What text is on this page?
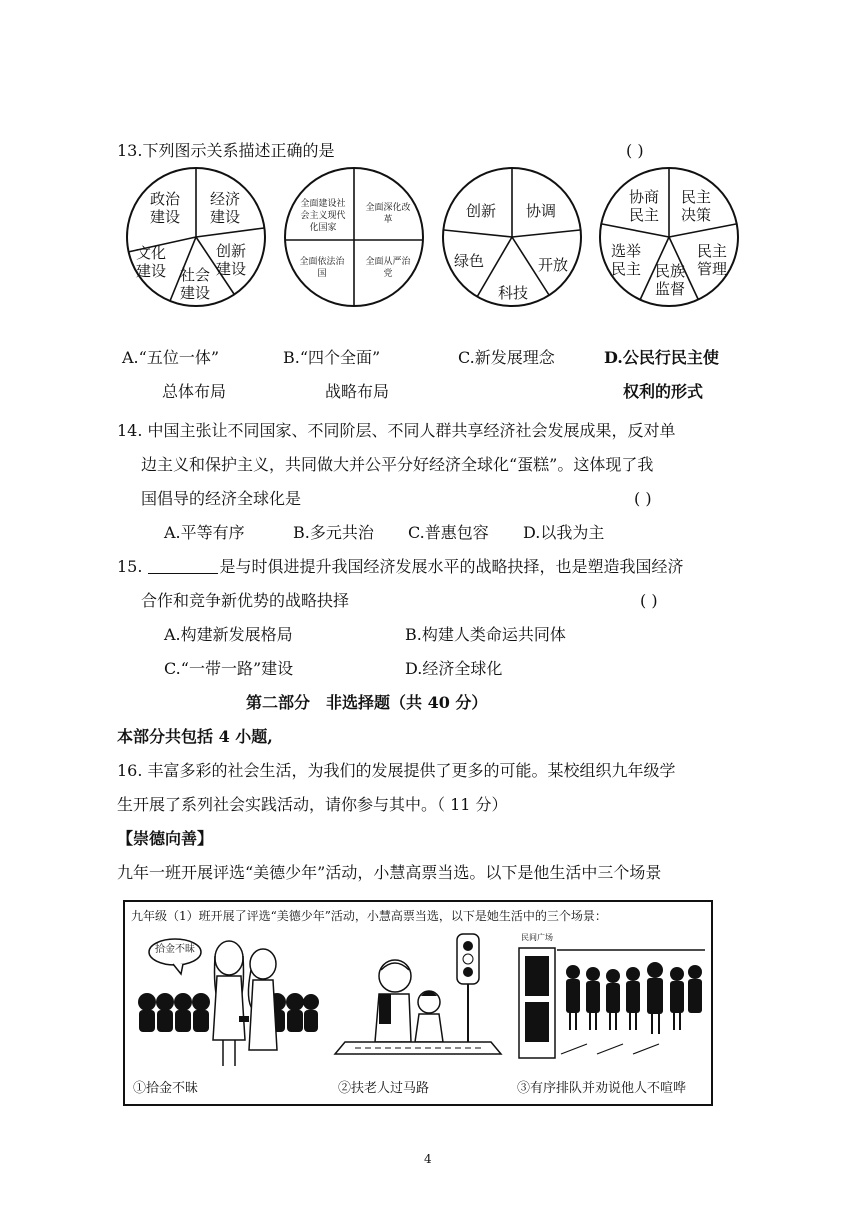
13.下列图示关系描述正确的是	( )
政治建设
经济建设
创新建设
社会建设
文化建设
全面建设社会主义现代化国家
全面深化改革
全面从严治党
全面依法治国
创新	协调
开放
科技
绿色
协商民主
民主决策
民主管理
民族监督
选举民主
A.“五位一体”
总体布局
B.“四个全面”
战略布局
C.新发展理念	D.公民行民主使
权利的形式
14. 中国主张让不同国家、不同阶层、不同人群共享经济社会发展成果，反对单
边主义和保护主义，共同做大并公平分好经济全球化“蛋糕”。这体现了我
国倡导的经济全球化是	( )
A.平等有序	B.多元共治 C.普惠包容 D.以我为主
15.	是与时俱进提升我国经济发展水平的战略抉择，也是塑造我国经济
合作和竞争新优势的战略抉择	( )
A.构建新发展格局	B.构建人类命运共同体
C.“一带一路”建设	D.经济全球化
第二部分　非选择题（共 40 分）
本部分共包括 4 小题,
16. 丰富多彩的社会生活，为我们的发展提供了更多的可能。某校组织九年级学
生开展了系列社会实践活动，请你参与其中。（ 11 分）
【崇德向善】
九年一班开展评选“美德少年”活动，小慧高票当选。以下是他生活中三个场景
九年级（1）班开展了评选“美德少年”活动，小慧高票当选，以下是她生活中的三个场景：
拾金不昧
民间广场
①拾金不昧	②扶老人过马路	③有序排队并劝说他人不喧哗
4
